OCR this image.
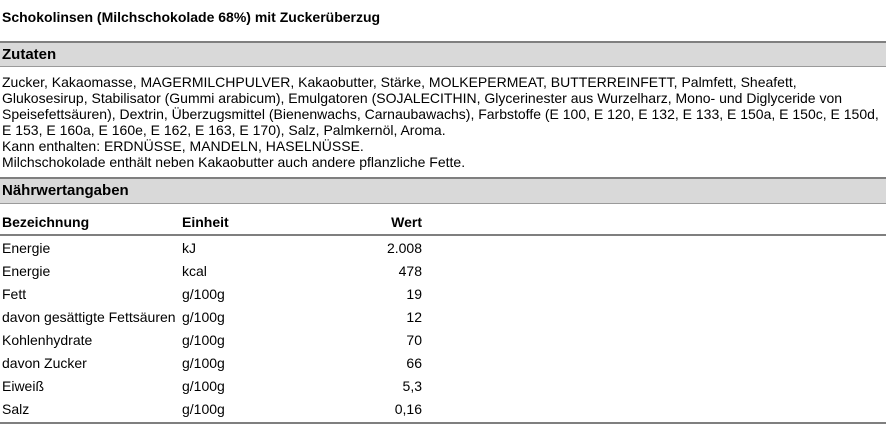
Schokolinsen (Milchschokolade 68%) mit Zuckerüberzug
Zutaten

Zucker, Kakaomasse, MAGERMILCHPULVER, Kakaobutter, Stärke, MOLKEPERMEAT, BUTTERREINFETT, Palmfett, Sheafett, Glukosesirup, Stabilisator (Gummi arabicum), Emulgatoren (SOJALECITHIN, Glycerinester aus Wurzelharz, Mono- und Diglyceride von Speisefettsäuren), Dextrin, Überzugsmittel (Bienenwachs, Carnaubawachs), Farbstoffe (E 100, E 120, E 132, E 133, E 150a, E 150c, E 150d, E 153, E 160a, E 160e, E 162, E 163, E 170), Salz, Palmkernöl, Aroma.

Kann enthalten: ERDNÜSSE, MANDELN, HASELNÜSSE.

Milchschokolade enthält neben Kakaobutter auch andere pflanzliche Fette.

Nährwertangaben
Bezeichnung	Einheit	Wert	
Energie	kJ	2.008	
Energie	kcal	478	
Fett	g/100g	19	
davon gesättigte Fettsäuren	g/100g	12	
Kohlenhydrate	g/100g	70	
davon Zucker	g/100g	66	
Eiweiß	g/100g	5,3	
Salz	g/100g	0,16	
